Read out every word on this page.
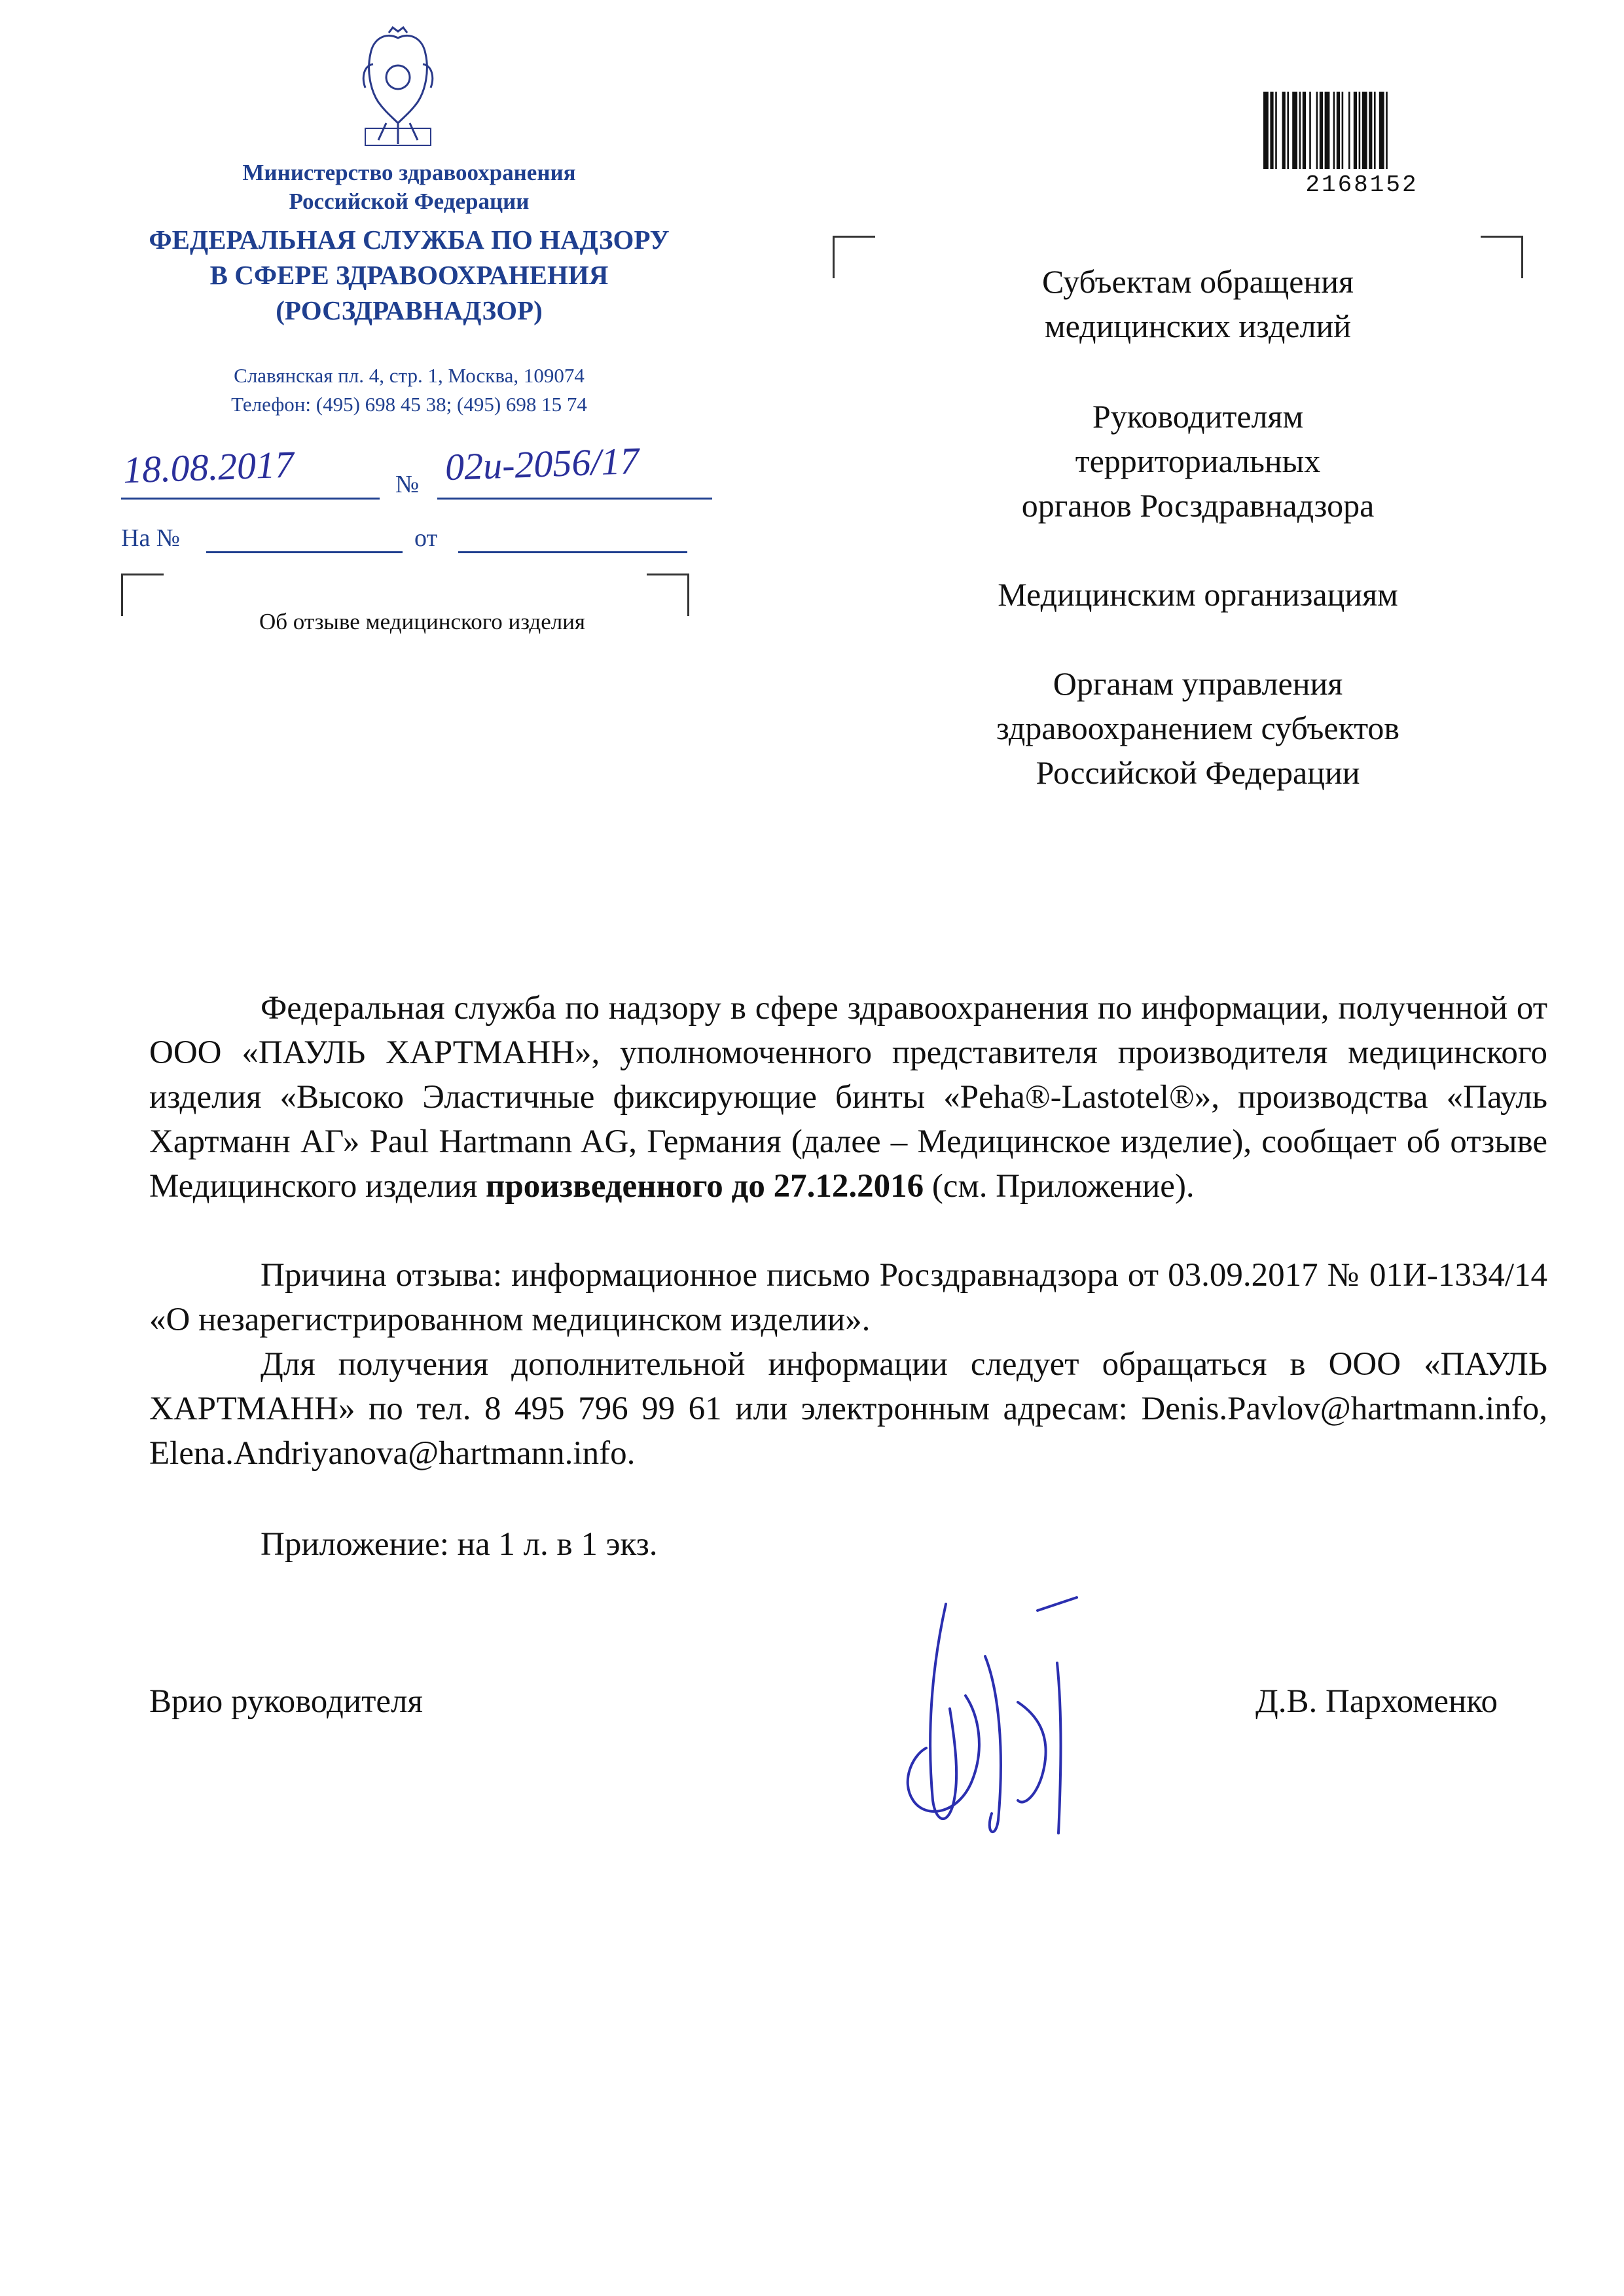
Министерство здравоохранения
Российской Федерации
ФЕДЕРАЛЬНАЯ СЛУЖБА ПО НАДЗОРУ
В СФЕРЕ ЗДРАВООХРАНЕНИЯ
(РОСЗДРАВНАДЗОР)
Славянская пл. 4, стр. 1, Москва, 109074
Телефон: (495) 698 45 38; (495) 698 15 74
18.08.2017	№ 02и-2056/17
На №	от
Об отзыве медицинского изделия
2168152
Субъектам обращения
медицинских изделий
Руководителям
территориальных
органов Росздравнадзора
Медицинским организациям
Органам управления
здравоохранением субъектов
Российской Федерации
Федеральная служба по надзору в сфере здравоохранения по информации, полученной от ООО «ПАУЛЬ ХАРТМАНН», уполномоченного представителя производителя медицинского изделия «Высоко Эластичные фиксирующие бинты «Peha®-Lastotel®», производства «Пауль Хартманн АГ» Paul Hartmann AG, Германия (далее – Медицинское изделие), сообщает об отзыве Медицинского изделия произведенного до 27.12.2016 (см. Приложение).
Причина отзыва: информационное письмо Росздравнадзора от 03.09.2017 № 01И-1334/14 «О незарегистрированном медицинском изделии».
Для получения дополнительной информации следует обращаться в ООО «ПАУЛЬ ХАРТМАНН» по тел. 8 495 796 99 61 или электронным адресам: Denis.Pavlov@hartmann.info, Elena.Andriyanova@hartmann.info.
Приложение: на 1 л. в 1 экз.
Врио руководителя	Д.В. Пархоменко
